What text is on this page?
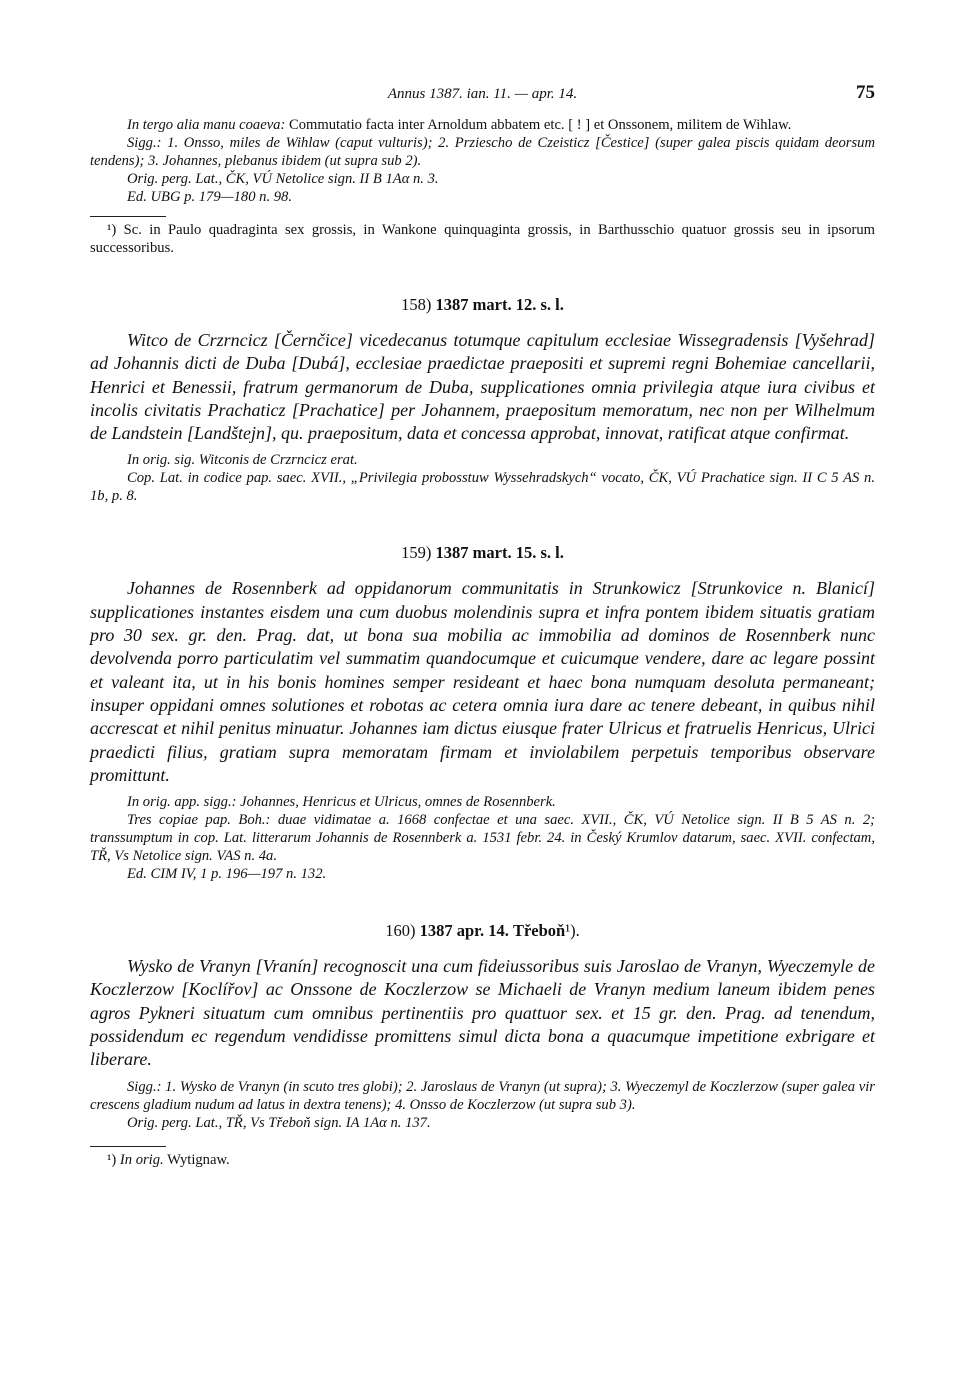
Annus 1387. ian. 11. — apr. 14.	75

In tergo alia manu coaeva: Commutatio facta inter Arnoldum abbatem etc. [ ! ] et Onssonem, militem de Wihlaw.

Sigg.: 1. Onsso, miles de Wihlaw (caput vulturis); 2. Prziescho de Czeisticz [Čestice] (super galea piscis quidam deorsum tendens); 3. Johannes, plebanus ibidem (ut supra sub 2).

Orig. perg. Lat., ČK, VÚ Netolice sign. II B 1Aα n. 3.

Ed. UBG p. 179—180 n. 98.

¹) Sc. in Paulo quadraginta sex grossis, in Wankone quinquaginta grossis, in Barthusschio quatuor grossis seu in ipsorum successoribus.

158) 1387 mart. 12. s. l.

Witco de Crzrncicz [Černčice] vicedecanus totumque capitulum ecclesiae Wissegradensis [Vyšehrad] ad Johannis dicti de Duba [Dubá], ecclesiae praedictae praepositi et supremi regni Bohemiae cancellarii, Henrici et Benessii, fratrum germanorum de Duba, supplicationes omnia privilegia atque iura civibus et incolis civitatis Prachaticz [Prachatice] per Johannem, praepositum memoratum, nec non per Wilhelmum de Landstein [Landštejn], qu. praepositum, data et concessa approbat, innovat, ratificat atque confirmat.

In orig. sig. Witconis de Crzrncicz erat.

Cop. Lat. in codice pap. saec. XVII., „Privilegia probosstuw Wyssehradskych“ vocato, ČK, VÚ Prachatice sign. II C 5 AS n. 1b, p. 8.

159) 1387 mart. 15. s. l.

Johannes de Rosennberk ad oppidanorum communitatis in Strunkowicz [Strunkovice n. Blanicí] supplicationes instantes eisdem una cum duobus molendinis supra et infra pontem ibidem situatis gratiam pro 30 sex. gr. den. Prag. dat, ut bona sua mobilia ac immobilia ad dominos de Rosennberk nunc devolvenda porro particulatim vel summatim quandocumque et cuicumque vendere, dare ac legare possint et valeant ita, ut in his bonis homines semper resideant et haec bona numquam desoluta permaneant; insuper oppidani omnes solutiones et robotas ac cetera omnia iura dare ac tenere debeant, in quibus nihil accrescat et nihil penitus minuatur. Johannes iam dictus eiusque frater Ulricus et fratruelis Henricus, Ulrici praedicti filius, gratiam supra memoratam firmam et inviolabilem perpetuis temporibus observare promittunt.

In orig. app. sigg.: Johannes, Henricus et Ulricus, omnes de Rosennberk.

Tres copiae pap. Boh.: duae vidimatae a. 1668 confectae et una saec. XVII., ČK, VÚ Netolice sign. II B 5 AS n. 2; transsumptum in cop. Lat. litterarum Johannis de Rosennberk a. 1531 febr. 24. in Český Krumlov datarum, saec. XVII. confectam, TŘ, Vs Netolice sign. VAS n. 4a.

Ed. CIM IV, 1 p. 196—197 n. 132.

160) 1387 apr. 14. Třeboň¹).

Wysko de Vranyn [Vranín] recognoscit una cum fideiussoribus suis Jaroslao de Vranyn, Wyeczemyle de Koczlerzow [Koclířov] ac Onssone de Koczlerzow se Michaeli de Vranyn medium laneum ibidem penes agros Pykneri situatum cum omnibus pertinentiis pro quattuor sex. et 15 gr. den. Prag. ad tenendum, possidendum ec regendum vendidisse promittens simul dicta bona a quacumque impetitione exbrigare et liberare.

Sigg.: 1. Wysko de Vranyn (in scuto tres globi); 2. Jaroslaus de Vranyn (ut supra); 3. Wyeczemyl de Koczlerzow (super galea vir crescens gladium nudum ad latus in dextra tenens); 4. Onsso de Koczlerzow (ut supra sub 3).

Orig. perg. Lat., TŘ, Vs Třeboň sign. IA 1Aα n. 137.

¹) In orig. Wytignaw.
